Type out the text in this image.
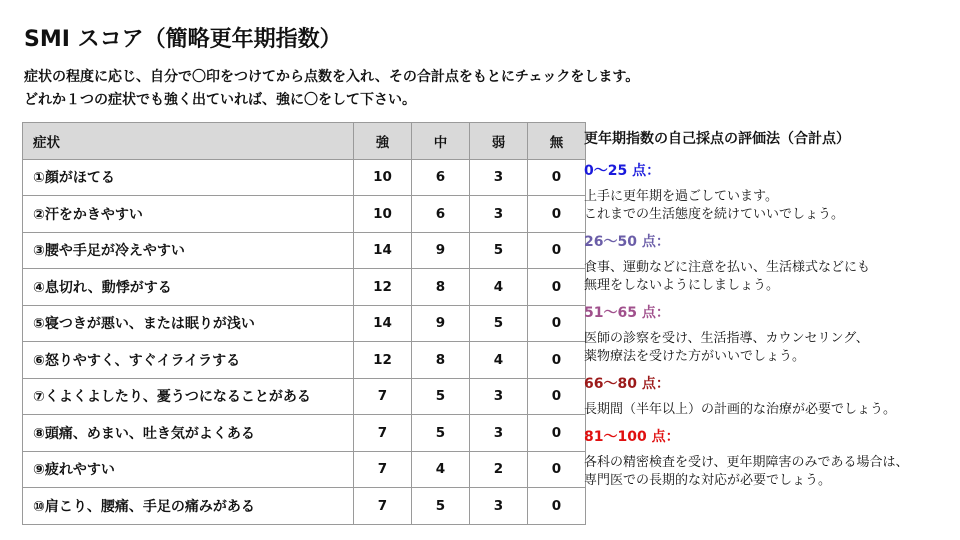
SMI スコア（簡略更年期指数）
症状の程度に応じ、自分で〇印をつけてから点数を入れ、その合計点をもとにチェックをします。
どれか１つの症状でも強く出ていれば、強に〇をして下さい。
症状	強	中	弱	無
①顔がほてる	10	6	3	0
②汗をかきやすい	10	6	3	0
③腰や手足が冷えやすい	14	9	5	0
④息切れ、動悸がする	12	8	4	0
⑤寝つきが悪い、または眠りが浅い	14	9	5	0
⑥怒りやすく、すぐイライラする	12	8	4	0
⑦くよくよしたり、憂うつになることがある	7	5	3	0
⑧頭痛、めまい、吐き気がよくある	7	5	3	0
⑨疲れやすい	7	4	2	0
⑩肩こり、腰痛、手足の痛みがある	7	5	3	0
更年期指数の自己採点の評価法（合計点）
0～25 点：
上手に更年期を過ごしています。
これまでの生活態度を続けていいでしょう。
26～50 点：
食事、運動などに注意を払い、生活様式などにも
無理をしないようにしましょう。
51～65 点：
医師の診察を受け、生活指導、カウンセリング、
薬物療法を受けた方がいいでしょう。
66～80 点：
長期間（半年以上）の計画的な治療が必要でしょう。
81～100 点：
各科の精密検査を受け、更年期障害のみである場合は、
専門医での長期的な対応が必要でしょう。
